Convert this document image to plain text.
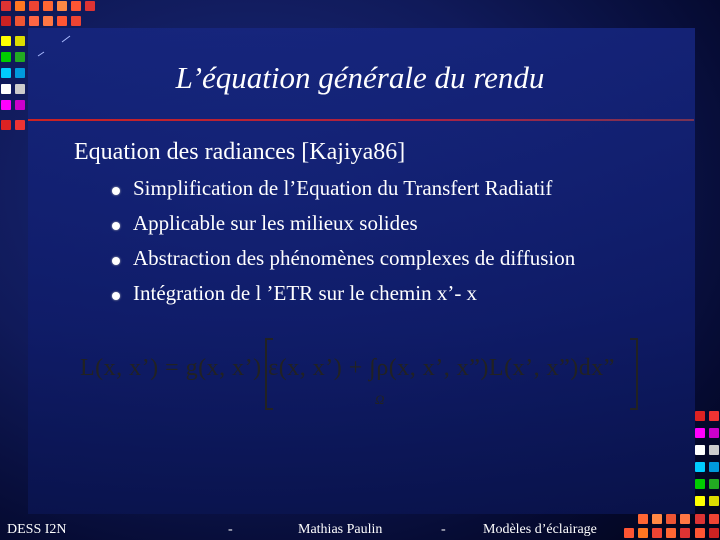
L’équation générale du rendu
Equation des radiances [Kajiya86]
Simplification de l’Equation du Transfert Radiatif
Applicable sur les milieux solides
Abstraction des phénomènes complexes de diffusion
Intégration de l ’ETR sur le chemin x’- x
L(x, x’) = g(x, x’) ε(x, x’) + ∫ρ(x, x’, x”)L(x’, x”)dx”
Ω
DESS I2N	-	Mathias Paulin	-	Modèles d’éclairage
